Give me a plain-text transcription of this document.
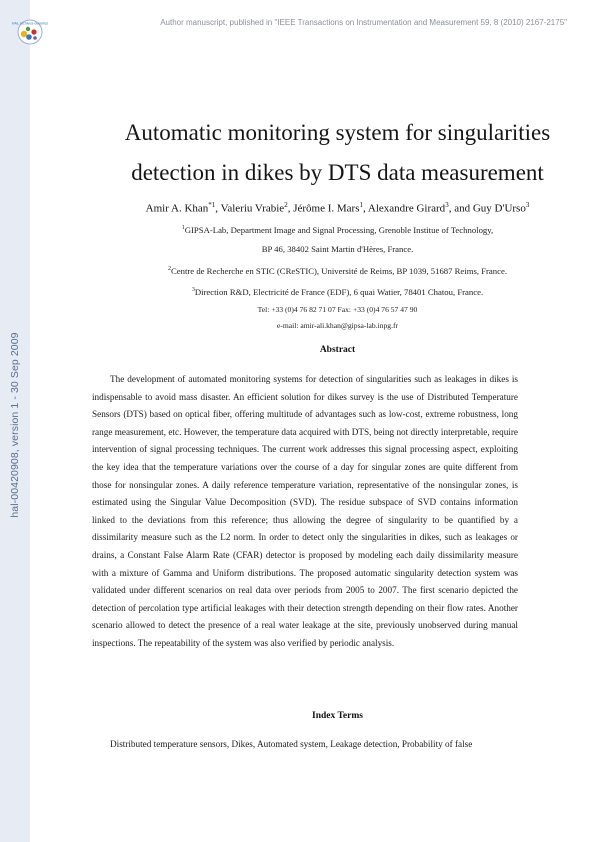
hal-00420908, version 1 - 30 Sep 2009
HAL archives-ouvertes	Author manuscript, published in "IEEE Transactions on Instrumentation and Measurement 59, 8 (2010) 2167-2175"
Automatic monitoring system for singularities
detection in dikes by DTS data measurement
Amir A. Khan$^{*1}$, Valeriu Vrabie$^2$, Jérôme I. Mars$^1$, Alexandre Girard$^3$, and Guy D'Urso$^3$
$^1$GIPSA-Lab, Department Image and Signal Processing, Grenoble Institue of Technology,
BP 46, 38402 Saint Martin d'Hères, France.
$^2$Centre de Recherche en STIC (CReSTIC), Université de Reims, BP 1039, 51687 Reims, France.
$^3$Direction R&D, Electricité de France (EDF), 6 quai Watier, 78401 Chatou, France.
Tel: +33 (0)4 76 82 71 07 Fax: +33 (0)4 76 57 47 90
e-mail: amir-ali.khan@gipsa-lab.inpg.fr
Abstract

The development of automated monitoring systems for detection of singularities such as leakages in dikes is indispensable to avoid mass disaster. An efficient solution for dikes survey is the use of Distributed Temperature Sensors (DTS) based on optical fiber, offering multitude of advantages such as low-cost, extreme robustness, long range measurement, etc. However, the temperature data acquired with DTS, being not directly interpretable, require intervention of signal processing techniques. The current work addresses this signal processing aspect, exploiting the key idea that the temperature variations over the course of a day for singular zones are quite different from those for nonsingular zones. A daily reference temperature variation, representative of the nonsingular zones, is estimated using the Singular Value Decomposition (SVD). The residue subspace of SVD contains information linked to the deviations from this reference; thus allowing the degree of singularity to be quantified by a dissimilarity measure such as the L2 norm. In order to detect only the singularities in dikes, such as leakages or drains, a Constant False Alarm Rate (CFAR) detector is proposed by modeling each daily dissimilarity measure with a mixture of Gamma and Uniform distributions. The proposed automatic singularity detection system was validated under different scenarios on real data over periods from 2005 to 2007. The first scenario depicted the detection of percolation type artificial leakages with their detection strength depending on their flow rates. Another scenario allowed to detect the presence of a real water leakage at the site, previously unobserved during manual inspections. The repeatability of the system was also verified by periodic analysis.

Index Terms

Distributed temperature sensors, Dikes, Automated system, Leakage detection, Probability of false
